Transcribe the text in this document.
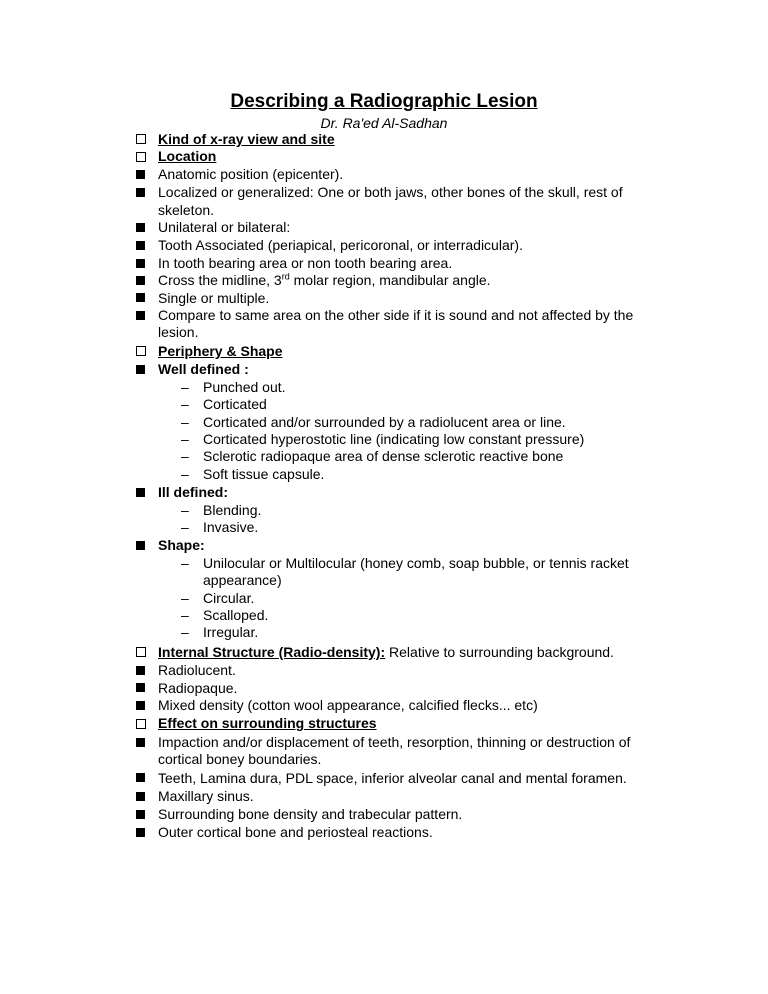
Describing a Radiographic Lesion
Dr. Ra'ed Al-Sadhan
Kind of x-ray view and site
Location
Anatomic position (epicenter).
Localized or generalized: One or both jaws, other bones of the skull, rest of skeleton.
Unilateral or bilateral:
Tooth Associated (periapical, pericoronal, or interradicular).
In tooth bearing area or non tooth bearing area.
Cross the midline, 3rd molar region, mandibular angle.
Single or multiple.
Compare to same area on the other side if it is sound and not affected by the lesion.
Periphery & Shape
Well defined :
–	Punched out.
–	Corticated
–	Corticated and/or surrounded by a radiolucent area or line.
–	Corticated hyperostotic line (indicating low constant pressure)
–	Sclerotic radiopaque area of dense sclerotic reactive bone
–	Soft tissue capsule.
Ill defined:
–	Blending.
–	Invasive.
Shape:
–	Unilocular or Multilocular (honey comb, soap bubble, or tennis racket appearance)
–	Circular.
–	Scalloped.
–	Irregular.
Internal Structure (Radio-density): Relative to surrounding background.
Radiolucent.
Radiopaque.
Mixed density (cotton wool appearance, calcified flecks... etc)
Effect on surrounding structures
Impaction and/or displacement of teeth, resorption, thinning or destruction of cortical boney boundaries.
Teeth, Lamina dura, PDL space, inferior alveolar canal and mental foramen.
Maxillary sinus.
Surrounding bone density and trabecular pattern.
Outer cortical bone and periosteal reactions.
